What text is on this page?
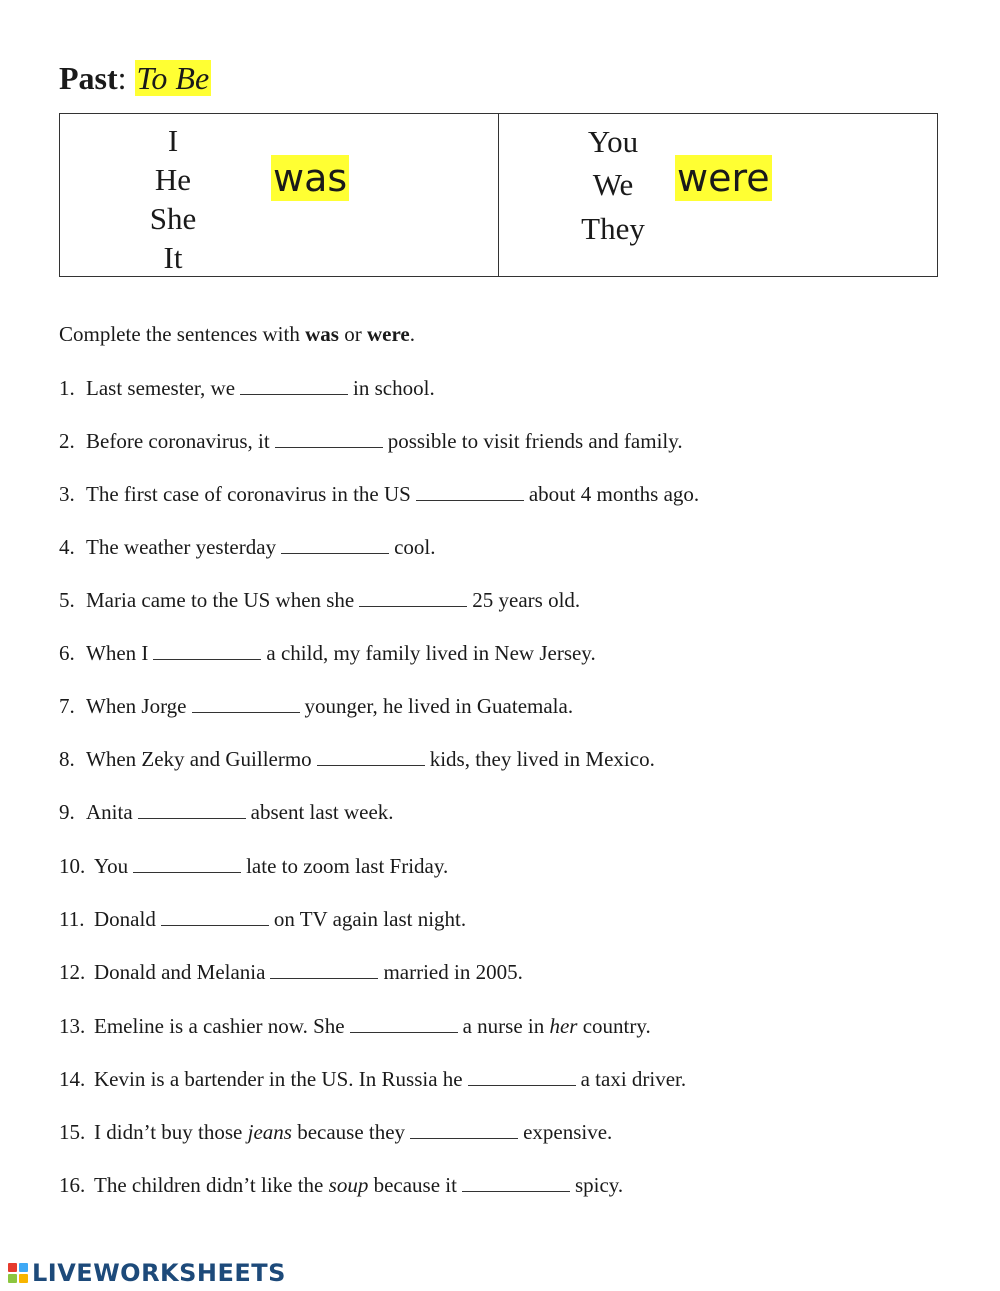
Past: To Be
I
He
She
It
was
You
We
They
were
Complete the sentences with was or were.
1. Last semester, we	in school.
2. Before coronavirus, it	possible to visit friends and family.
3. The first case of coronavirus in the US	about 4 months ago.
4. The weather yesterday	cool.
5. Maria came to the US when she	25 years old.
6. When I	a child, my family lived in New Jersey.
7. When Jorge	younger, he lived in Guatemala.
8. When Zeky and Guillermo	kids, they lived in Mexico.
9. Anita	absent last week.
10. You	late to zoom last Friday.
11. Donald	on TV again last night.
12. Donald and Melania	married in 2005.
13. Emeline is a cashier now. She	a nurse in her country.
14. Kevin is a bartender in the US. In Russia he	a taxi driver.
15. I didn’t buy those jeans because they	expensive.
16. The children didn’t like the soup because it	spicy.
LIVEWORKSHEETS
